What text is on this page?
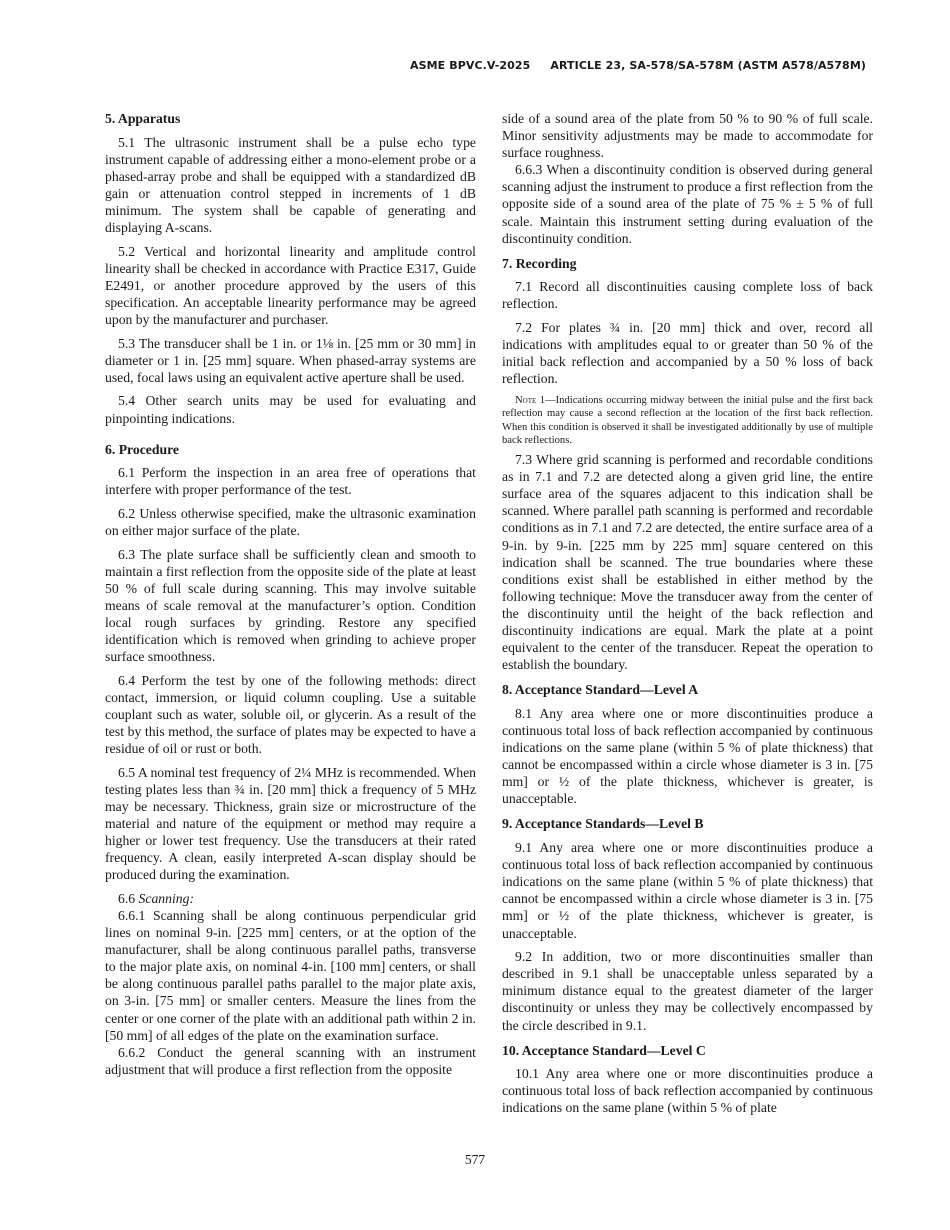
ASME BPVC.V-2025 ARTICLE 23, SA-578/SA-578M (ASTM A578/A578M)
5. Apparatus

5.1 The ultrasonic instrument shall be a pulse echo type instrument capable of addressing either a mono-element probe or a phased-array probe and shall be equipped with a standardized dB gain or attenuation control stepped in increments of 1 dB minimum. The system shall be capable of generating and displaying A-scans.

5.2 Vertical and horizontal linearity and amplitude control linearity shall be checked in accordance with Practice E317, Guide E2491, or another procedure approved by the users of this specification. An acceptable linearity performance may be agreed upon by the manufacturer and purchaser.

5.3 The transducer shall be 1 in. or 1⅛ in. [25 mm or 30 mm] in diameter or 1 in. [25 mm] square. When phased-array systems are used, focal laws using an equivalent active aperture shall be used.

5.4 Other search units may be used for evaluating and pinpointing indications.

6. Procedure

6.1 Perform the inspection in an area free of operations that interfere with proper performance of the test.

6.2 Unless otherwise specified, make the ultrasonic examination on either major surface of the plate.

6.3 The plate surface shall be sufficiently clean and smooth to maintain a first reflection from the opposite side of the plate at least 50 % of full scale during scanning. This may involve suitable means of scale removal at the manufacturer’s option. Condition local rough surfaces by grinding. Restore any specified identification which is removed when grinding to achieve proper surface smoothness.

6.4 Perform the test by one of the following methods: direct contact, immersion, or liquid column coupling. Use a suitable couplant such as water, soluble oil, or glycerin. As a result of the test by this method, the surface of plates may be expected to have a residue of oil or rust or both.

6.5 A nominal test frequency of 2¼ MHz is recommended. When testing plates less than ¾ in. [20 mm] thick a frequency of 5 MHz may be necessary. Thickness, grain size or microstructure of the material and nature of the equipment or method may require a higher or lower test frequency. Use the transducers at their rated frequency. A clean, easily interpreted A-scan display should be produced during the examination.

6.6 Scanning:

6.6.1 Scanning shall be along continuous perpendicular grid lines on nominal 9-in. [225 mm] centers, or at the option of the manufacturer, shall be along continuous parallel paths, transverse to the major plate axis, on nominal 4-in. [100 mm] centers, or shall be along continuous parallel paths parallel to the major plate axis, on 3-in. [75 mm] or smaller centers. Measure the lines from the center or one corner of the plate with an additional path within 2 in. [50 mm] of all edges of the plate on the examination surface.

6.6.2 Conduct the general scanning with an instrument adjustment that will produce a first reflection from the opposite

side of a sound area of the plate from 50 % to 90 % of full scale. Minor sensitivity adjustments may be made to accommodate for surface roughness.

6.6.3 When a discontinuity condition is observed during general scanning adjust the instrument to produce a first reflection from the opposite side of a sound area of the plate of 75 % ± 5 % of full scale. Maintain this instrument setting during evaluation of the discontinuity condition.

7. Recording

7.1 Record all discontinuities causing complete loss of back reflection.

7.2 For plates ¾ in. [20 mm] thick and over, record all indications with amplitudes equal to or greater than 50 % of the initial back reflection and accompanied by a 50 % loss of back reflection.

Note 1—Indications occurring midway between the initial pulse and the first back reflection may cause a second reflection at the location of the first back reflection. When this condition is observed it shall be investigated additionally by use of multiple back reflections.

7.3 Where grid scanning is performed and recordable conditions as in 7.1 and 7.2 are detected along a given grid line, the entire surface area of the squares adjacent to this indication shall be scanned. Where parallel path scanning is performed and recordable conditions as in 7.1 and 7.2 are detected, the entire surface area of a 9-in. by 9-in. [225 mm by 225 mm] square centered on this indication shall be scanned. The true boundaries where these conditions exist shall be established in either method by the following technique: Move the transducer away from the center of the discontinuity until the height of the back reflection and discontinuity indications are equal. Mark the plate at a point equivalent to the center of the transducer. Repeat the operation to establish the boundary.

8. Acceptance Standard—Level A

8.1 Any area where one or more discontinuities produce a continuous total loss of back reflection accompanied by continuous indications on the same plane (within 5 % of plate thickness) that cannot be encompassed within a circle whose diameter is 3 in. [75 mm] or ½ of the plate thickness, whichever is greater, is unacceptable.

9. Acceptance Standards—Level B

9.1 Any area where one or more discontinuities produce a continuous total loss of back reflection accompanied by continuous indications on the same plane (within 5 % of plate thickness) that cannot be encompassed within a circle whose diameter is 3 in. [75 mm] or ½ of the plate thickness, whichever is greater, is unacceptable.

9.2 In addition, two or more discontinuities smaller than described in 9.1 shall be unacceptable unless separated by a minimum distance equal to the greatest diameter of the larger discontinuity or unless they may be collectively encompassed by the circle described in 9.1.

10. Acceptance Standard—Level C

10.1 Any area where one or more discontinuities produce a continuous total loss of back reflection accompanied by continuous indications on the same plane (within 5 % of plate

577
